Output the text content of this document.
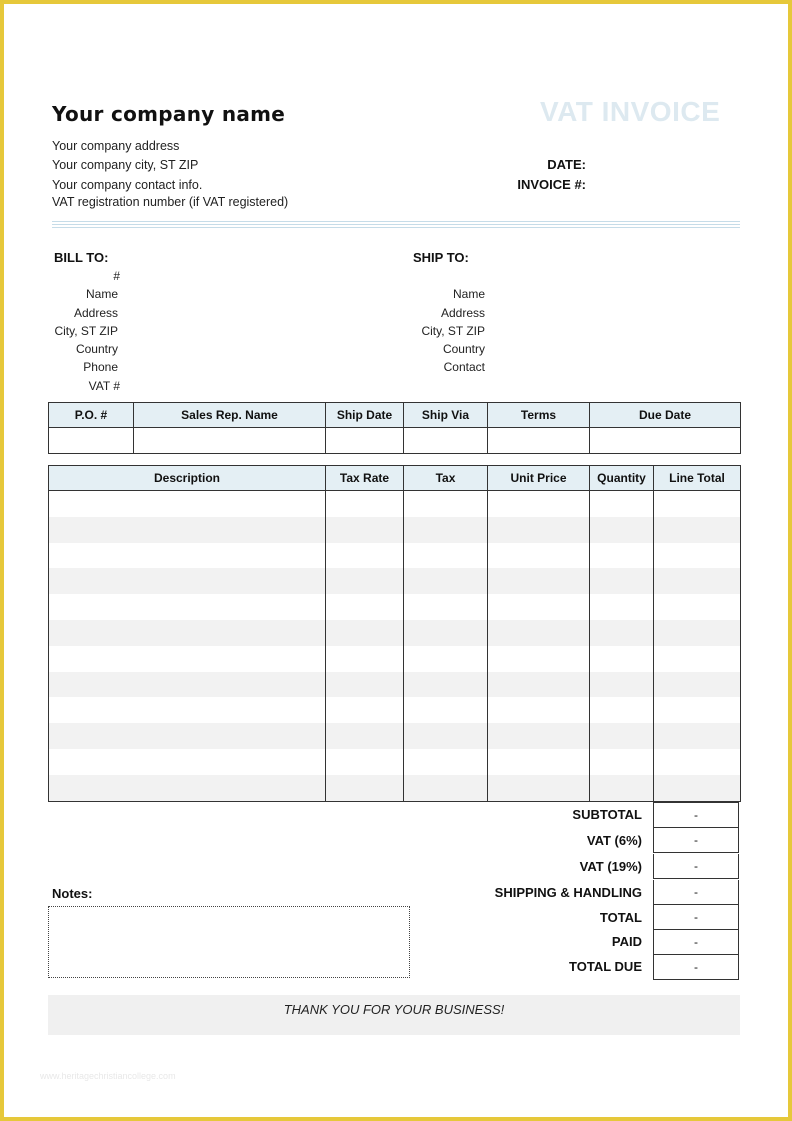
Your company name
Your company address
Your company city, ST ZIP
Your company contact info.
VAT registration number (if VAT registered)
VAT INVOICE
DATE:
INVOICE #:
BILL TO:
#
Name
Address
City, ST ZIP
Country
Phone
VAT #
SHIP TO:
Name
Address
City, ST ZIP
Country
Contact
P.O. #	Sales Rep. Name	Ship Date	Ship Via	Terms	Due Date

Description	Tax Rate	Tax	Unit Price	Quantity	Line Total

SUBTOTAL	-
VAT (6%)	-
VAT (19%)	-
SHIPPING & HANDLING	-
TOTAL	-
PAID	-
TOTAL DUE	-
Notes:
THANK YOU FOR YOUR BUSINESS!
www.heritagechristiancollege.com
